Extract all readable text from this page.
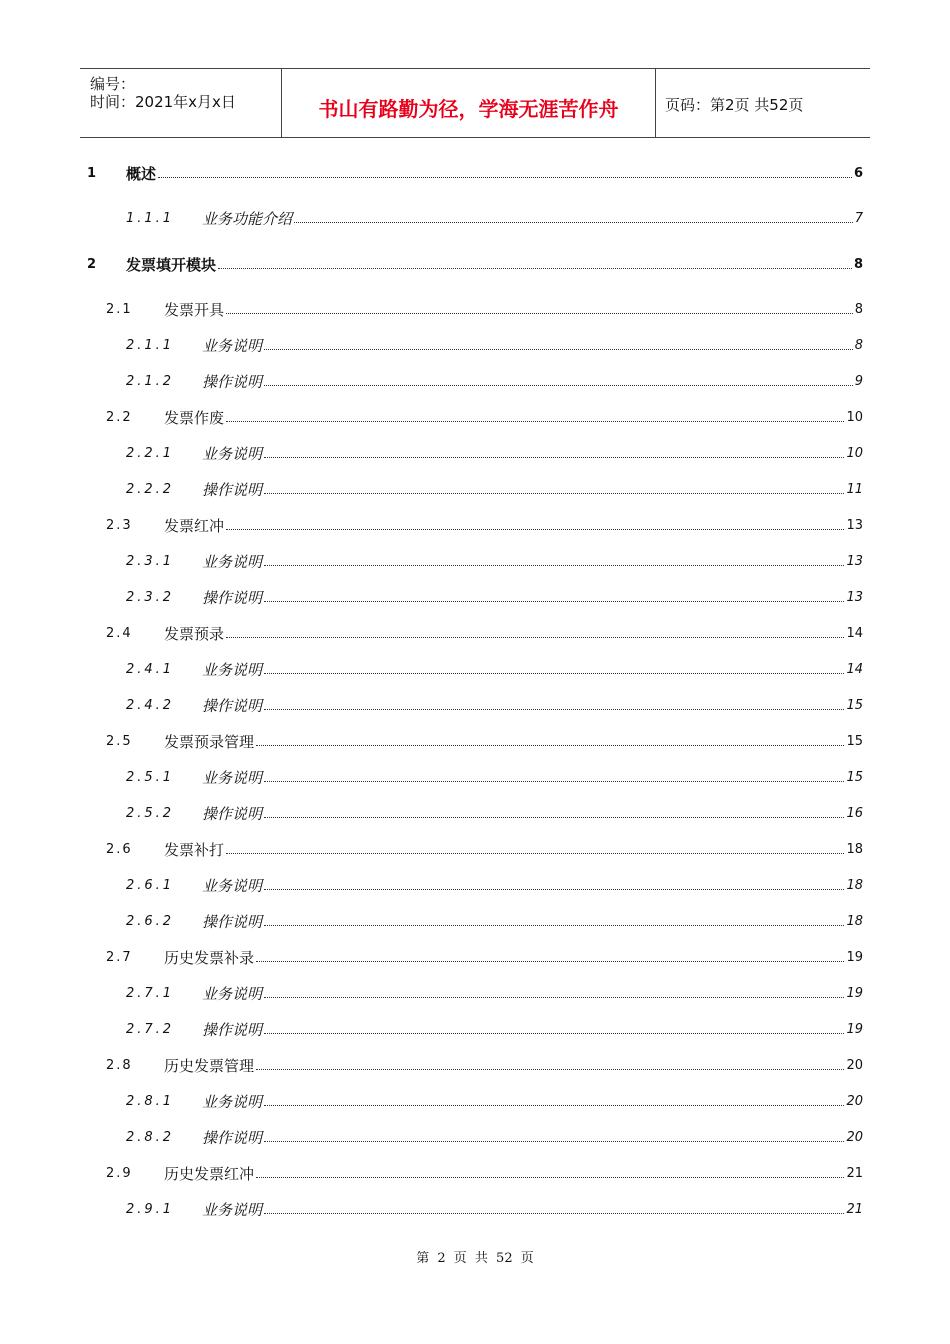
编号：
时间：2021年x月x日	书山有路勤为径，学海无涯苦作舟	页码：第2页 共52页
1 概述	6
1.1.1 业务功能介绍	7
2 发票填开模块	8
2.1 发票开具	8
2.1.1 业务说明	8
2.1.2 操作说明	9
2.2 发票作废	10
2.2.1 业务说明	10
2.2.2 操作说明	11
2.3 发票红冲	13
2.3.1 业务说明	13
2.3.2 操作说明	13
2.4 发票预录	14
2.4.1 业务说明	14
2.4.2 操作说明	15
2.5 发票预录管理	15
2.5.1 业务说明	15
2.5.2 操作说明	16
2.6 发票补打	18
2.6.1 业务说明	18
2.6.2 操作说明	18
2.7 历史发票补录	19
2.7.1 业务说明	19
2.7.2 操作说明	19
2.8 历史发票管理	20
2.8.1 业务说明	20
2.8.2 操作说明	20
2.9 历史发票红冲	21
2.9.1 业务说明	21
第 2 页 共 52 页
